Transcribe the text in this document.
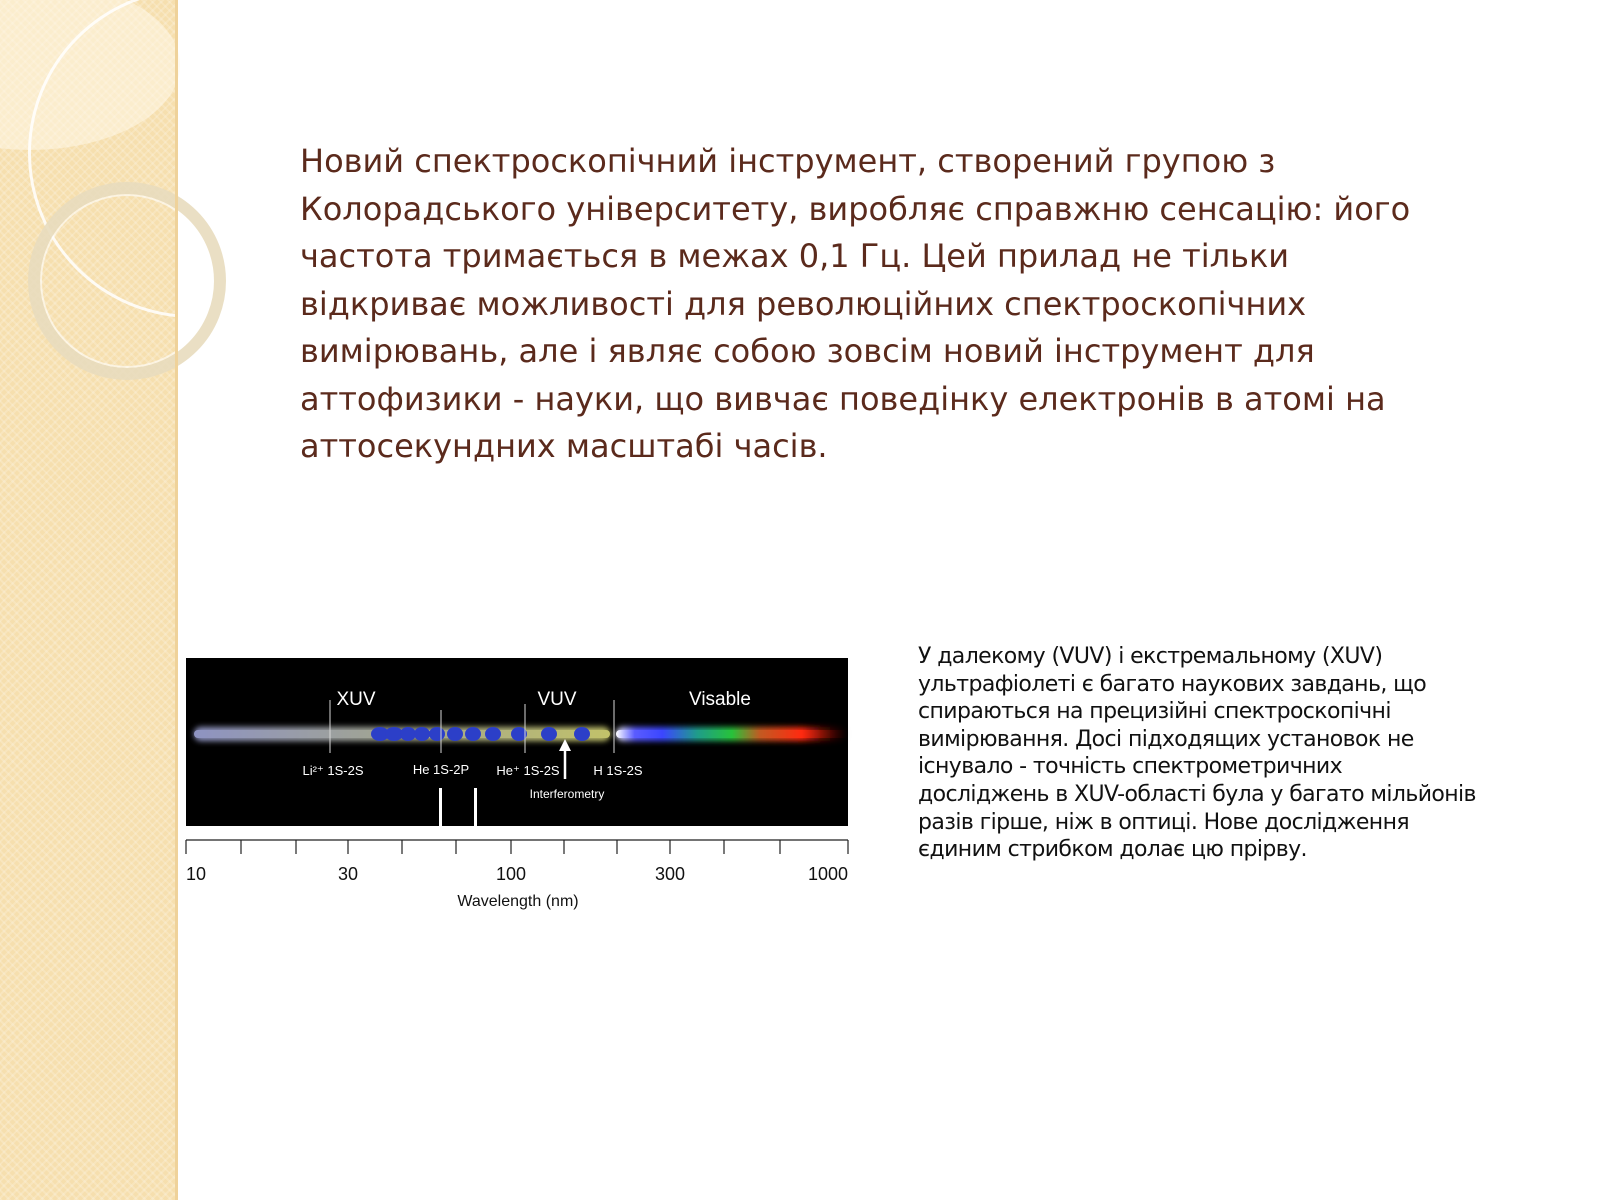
Новий спектроскопічний інструмент, створений групою з Колорадського університету, виробляє справжню сенсацію: його частота тримається в межах 0,1 Гц. Цей прилад не тільки відкриває можливості для революційних спектроскопічних вимірювань, але і являє собою зовсім новий інструмент для аттофизики - науки, що вивчає поведінку електронів в атомі на аттосекундних масштабі часів.

XUV	VUV	Visable
Li²⁺ 1S-2S	He 1S-2P He⁺ 1S-2S	H 1S-2S
Interferometry
10	30	100	300	1000
Wavelength (nm)

У далекому (VUV) і екстремальному (XUV) ультрафіолеті є багато наукових завдань, що спираються на прецизійні спектроскопічні вимірювання. Досі підходящих установок не існувало - точність спектрометричних досліджень в XUV-області була у багато мільйонів разів гірше, ніж в оптиці. Нове дослідження єдиним стрибком долає цю прірву.
